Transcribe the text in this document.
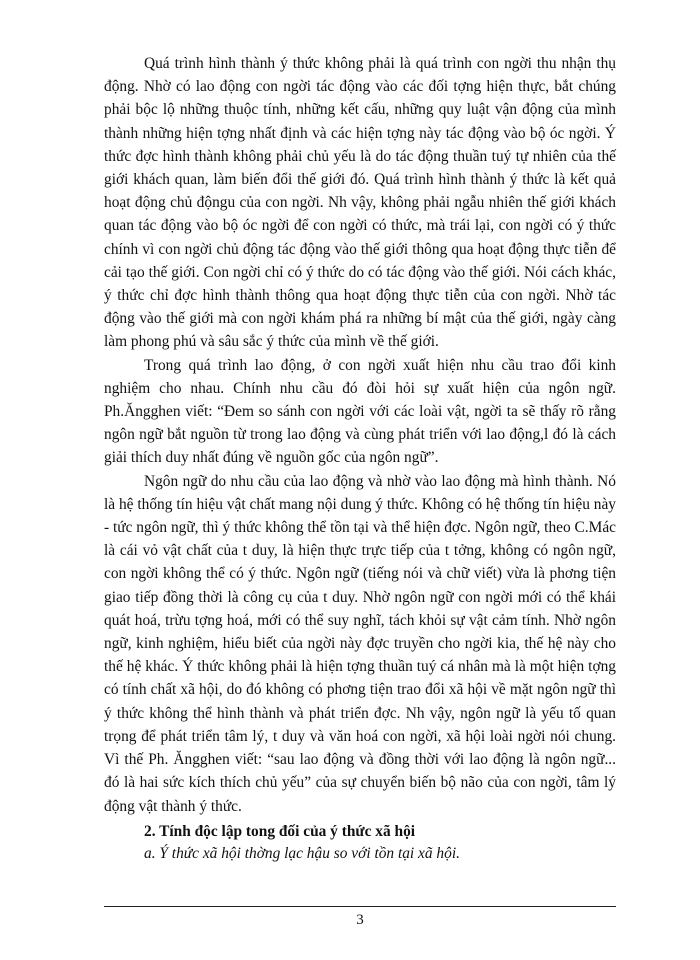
Quá trình hình thành ý thức không phải là quá trình con ngời thu nhận thụ động. Nhờ có lao động con ngời tác động vào các đối tợng hiện thực, bắt chúng phải bộc lộ những thuộc tính, những kết cấu, những quy luật vận động của mình thành những hiện tợng nhất định và các hiện tợng này tác động vào bộ óc ngời. Ý thức đợc hình thành không phải chủ yếu là do tác động thuần tuý tự nhiên của thế giới khách quan, làm biến đổi thế giới đó. Quá trình hình thành ý thức là kết quả hoạt động chủ độngu của con ngời. Nh vậy, không phải ngẫu nhiên thế giới khách quan tác động vào bộ óc ngời để con ngời có thức, mà trái lại, con ngời có ý thức chính vì con ngời chủ động tác động vào thế giới thông qua hoạt động thực tiễn để cải tạo thế giới. Con ngời chỉ có ý thức do có tác động vào thế giới. Nói cách khác, ý thức chỉ đợc hình thành thông qua hoạt động thực tiễn của con ngời. Nhờ tác động vào thế giới mà con ngời khám phá ra những bí mật của thế giới, ngày càng làm phong phú và sâu sắc ý thức của mình về thế giới.

Trong quá trình lao động, ở con ngời xuất hiện nhu cầu trao đổi kinh nghiệm cho nhau. Chính nhu cầu đó đòi hỏi sự xuất hiện của ngôn ngữ. Ph.Ăngghen viết: “Đem so sánh con ngời với các loài vật, ngời ta sẽ thấy rõ rằng ngôn ngữ bắt nguồn từ trong lao động và cùng phát triển với lao động,l đó là cách giải thích duy nhất đúng về nguồn gốc của ngôn ngữ”.

Ngôn ngữ do nhu cầu của lao động và nhờ vào lao động mà hình thành. Nó là hệ thống tín hiệu vật chất mang nội dung ý thức. Không có hệ thống tín hiệu này - tức ngôn ngữ, thì ý thức không thể tồn tại và thể hiện đợc. Ngôn ngữ, theo C.Mác là cái vỏ vật chất của t duy, là hiện thực trực tiếp của t tởng, không có ngôn ngữ, con ngời không thể có ý thức. Ngôn ngữ (tiếng nói và chữ viết) vừa là phơng tiện giao tiếp đồng thời là công cụ của t duy. Nhờ ngôn ngữ con ngời mới có thể khái quát hoá, trừu tợng hoá, mới có thể suy nghĩ, tách khỏi sự vật cảm tính. Nhờ ngôn ngữ, kinh nghiệm, hiểu biết của ngời này đợc truyền cho ngời kia, thế hệ này cho thế hệ khác. Ý thức không phải là hiện tợng thuần tuý cá nhân mà là một hiện tợng có tính chất xã hội, do đó không có phơng tiện trao đổi xã hội về mặt ngôn ngữ thì ý thức không thể hình thành và phát triển đợc. Nh vậy, ngôn ngữ là yếu tố quan trọng để phát triển tâm lý, t duy và văn hoá con ngời, xã hội loài ngời nói chung. Vì thế Ph. Ăngghen viết: “sau lao động và đồng thời với lao động là ngôn ngữ... đó là hai sức kích thích chủ yếu” của sự chuyển biến bộ não của con ngời, tâm lý động vật thành ý thức.

2. Tính độc lập tong đối của ý thức xã hội

a. Ý thức xã hội thờng lạc hậu so với tồn tại xã hội.

3
